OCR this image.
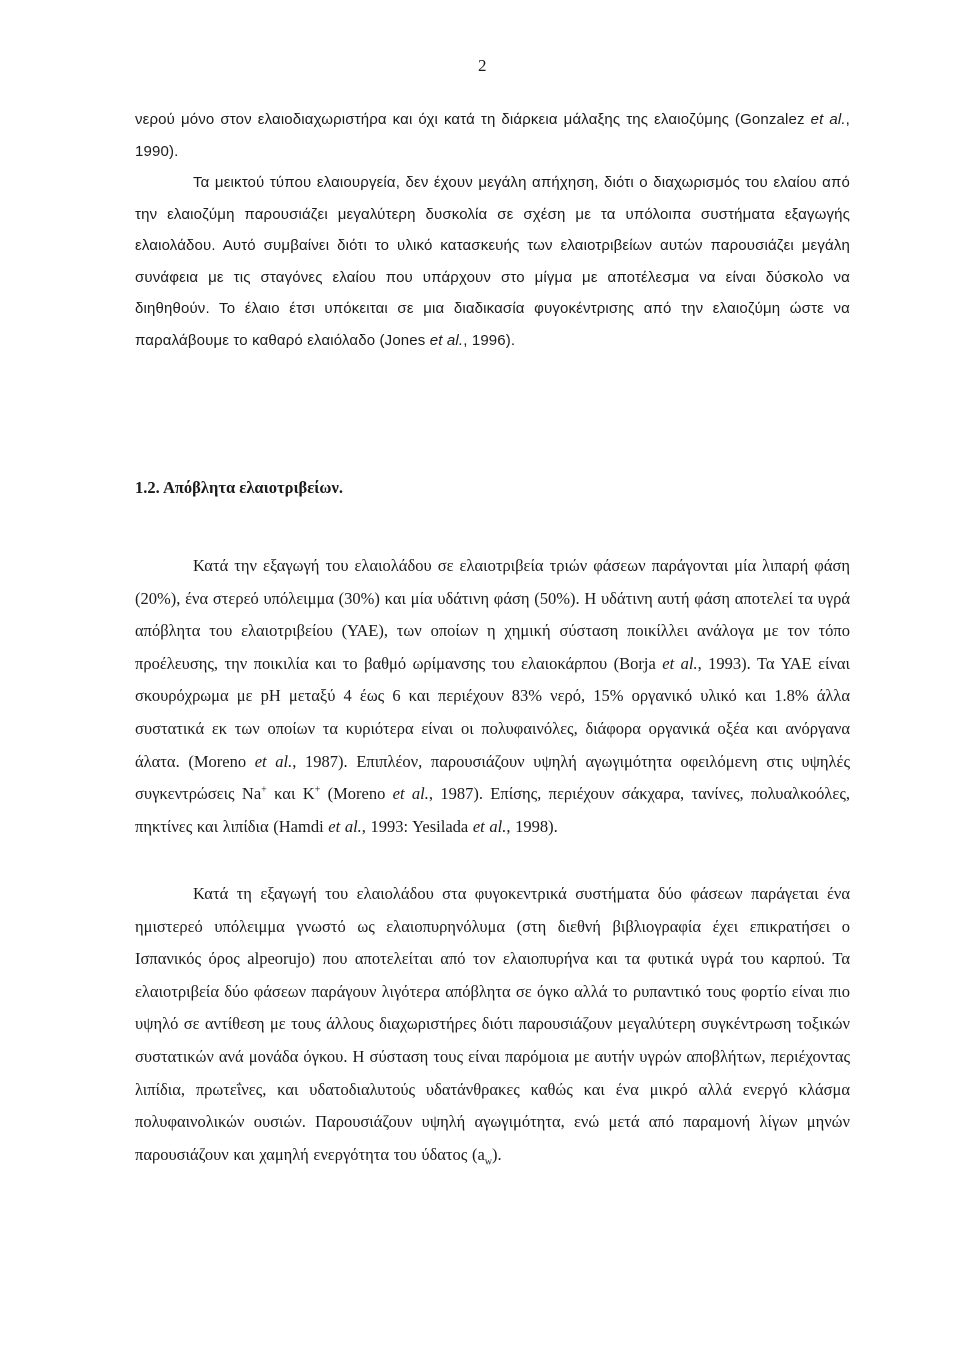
2

νερού μόνο στον ελαιοδιαχωριστήρα και όχι κατά τη διάρκεια μάλαξης της ελαιοζύμης (Gonzalez et al., 1990).

Τα μεικτού τύπου ελαιουργεία, δεν έχουν μεγάλη απήχηση, διότι ο διαχωρισμός του ελαίου από την ελαιοζύμη παρουσιάζει μεγαλύτερη δυσκολία σε σχέση με τα υπόλοιπα συστήματα εξαγωγής ελαιολάδου. Αυτό συμβαίνει διότι το υλικό κατασκευής των ελαιοτριβείων αυτών παρουσιάζει μεγάλη συνάφεια με τις σταγόνες ελαίου που υπάρχουν στο μίγμα με αποτέλεσμα να είναι δύσκολο να διηθηθούν. Το έλαιο έτσι υπόκειται σε μια διαδικασία φυγοκέντρισης από την ελαιοζύμη ώστε να παραλάβουμε το καθαρό ελαιόλαδο (Jones et al., 1996).

1.2. Απόβλητα ελαιοτριβείων.

Κατά την εξαγωγή του ελαιολάδου σε ελαιοτριβεία τριών φάσεων παράγονται μία λιπαρή φάση (20%), ένα στερεό υπόλειμμα (30%) και μία υδάτινη φάση (50%). Η υδάτινη αυτή φάση αποτελεί τα υγρά απόβλητα του ελαιοτριβείου (ΥΑΕ), των οποίων η χημική σύσταση ποικίλλει ανάλογα με τον τόπο προέλευσης, την ποικιλία και το βαθμό ωρίμανσης του ελαιοκάρπου (Borja et al., 1993). Τα ΥΑΕ είναι σκουρόχρωμα με pH μεταξύ 4 έως 6 και περιέχουν 83% νερό, 15% οργανικό υλικό και 1.8% άλλα συστατικά εκ των οποίων τα κυριότερα είναι οι πολυφαινόλες, διάφορα οργανικά οξέα και ανόργανα άλατα. (Moreno et al., 1987). Επιπλέον, παρουσιάζουν υψηλή αγωγιμότητα οφειλόμενη στις υψηλές συγκεντρώσεις Na+ και K+ (Moreno et al., 1987). Επίσης, περιέχουν σάκχαρα, τανίνες, πολυαλκοόλες, πηκτίνες και λιπίδια (Hamdi et al., 1993: Yesilada et al., 1998).

Κατά τη εξαγωγή του ελαιολάδου στα φυγοκεντρικά συστήματα δύο φάσεων παράγεται ένα ημιστερεό υπόλειμμα γνωστό ως ελαιοπυρηνόλυμα (στη διεθνή βιβλιογραφία έχει επικρατήσει ο Ισπανικός όρος alpeorujo) που αποτελείται από τον ελαιοπυρήνα και τα φυτικά υγρά του καρπού. Τα ελαιοτριβεία δύο φάσεων παράγουν λιγότερα απόβλητα σε όγκο αλλά το ρυπαντικό τους φορτίο είναι πιο υψηλό σε αντίθεση με τους άλλους διαχωριστήρες διότι παρουσιάζουν μεγαλύτερη συγκέντρωση τοξικών συστατικών ανά μονάδα όγκου. Η σύσταση τους είναι παρόμοια με αυτήν υγρών αποβλήτων, περιέχοντας λιπίδια, πρωτεΐνες, και υδατοδιαλυτούς υδατάνθρακες καθώς και ένα μικρό αλλά ενεργό κλάσμα πολυφαινολικών ουσιών. Παρουσιάζουν υψηλή αγωγιμότητα, ενώ μετά από παραμονή λίγων μηνών παρουσιάζουν και χαμηλή ενεργότητα του ύδατος $(a_w)$.
